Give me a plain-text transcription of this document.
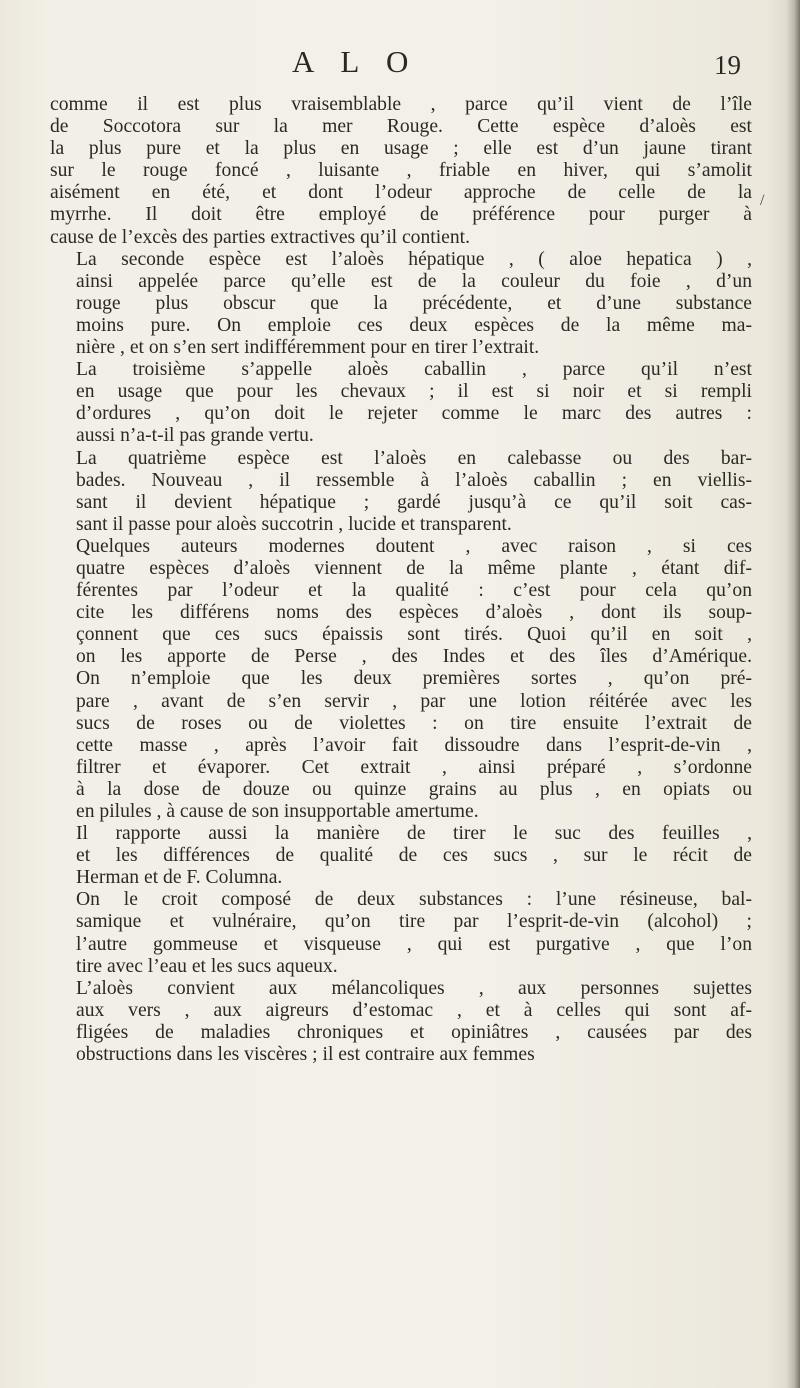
A L O	19
/

comme il est plus vraisemblable , parce qu’il vient de l’île
de Soccotora sur la mer Rouge. Cette espèce d’aloès est
la plus pure et la plus en usage ; elle est d’un jaune tirant
sur le rouge foncé , luisante , friable en hiver, qui s’amolit
aisément en été, et dont l’odeur approche de celle de la
myrrhe. Il doit être employé de préférence pour purger à
cause de l’excès des parties extractives qu’il contient.

La seconde espèce est l’aloès hépatique , ( aloe hepatica ) ,
ainsi appelée parce qu’elle est de la couleur du foie , d’un
rouge plus obscur que la précédente, et d’une substance
moins pure. On emploie ces deux espèces de la même ma-
nière , et on s’en sert indifféremment pour en tirer l’extrait.

La troisième s’appelle aloès caballin , parce qu’il n’est
en usage que pour les chevaux ; il est si noir et si rempli
d’ordures , qu’on doit le rejeter comme le marc des autres :
aussi n’a-t-il pas grande vertu.

La quatrième espèce est l’aloès en calebasse ou des bar-
bades. Nouveau , il ressemble à l’aloès caballin ; en viellis-
sant il devient hépatique ; gardé jusqu’à ce qu’il soit cas-
sant il passe pour aloès succotrin , lucide et transparent.

Quelques auteurs modernes doutent , avec raison , si ces
quatre espèces d’aloès viennent de la même plante , étant dif-
férentes par l’odeur et la qualité : c’est pour cela qu’on
cite les différens noms des espèces d’aloès , dont ils soup-
çonnent que ces sucs épaissis sont tirés. Quoi qu’il en soit ,
on les apporte de Perse , des Indes et des îles d’Amérique.
On n’emploie que les deux premières sortes , qu’on pré-
pare , avant de s’en servir , par une lotion réitérée avec les
sucs de roses ou de violettes : on tire ensuite l’extrait de
cette masse , après l’avoir fait dissoudre dans l’esprit-de-vin ,
filtrer et évaporer. Cet extrait , ainsi préparé , s’ordonne
à la dose de douze ou quinze grains au plus , en opiats ou
en pilules , à cause de son insupportable amertume.

Il rapporte aussi la manière de tirer le suc des feuilles ,
et les différences de qualité de ces sucs , sur le récit de
Herman et de F. Columna.

On le croit composé de deux substances : l’une résineuse, bal-
samique et vulnéraire, qu’on tire par l’esprit-de-vin (alcohol) ;
l’autre gommeuse et visqueuse , qui est purgative , que l’on
tire avec l’eau et les sucs aqueux.

L’aloès convient aux mélancoliques , aux personnes sujettes
aux vers , aux aigreurs d’estomac , et à celles qui sont af-
fligées de maladies chroniques et opiniâtres , causées par des
obstructions dans les viscères ; il est contraire aux femmes
